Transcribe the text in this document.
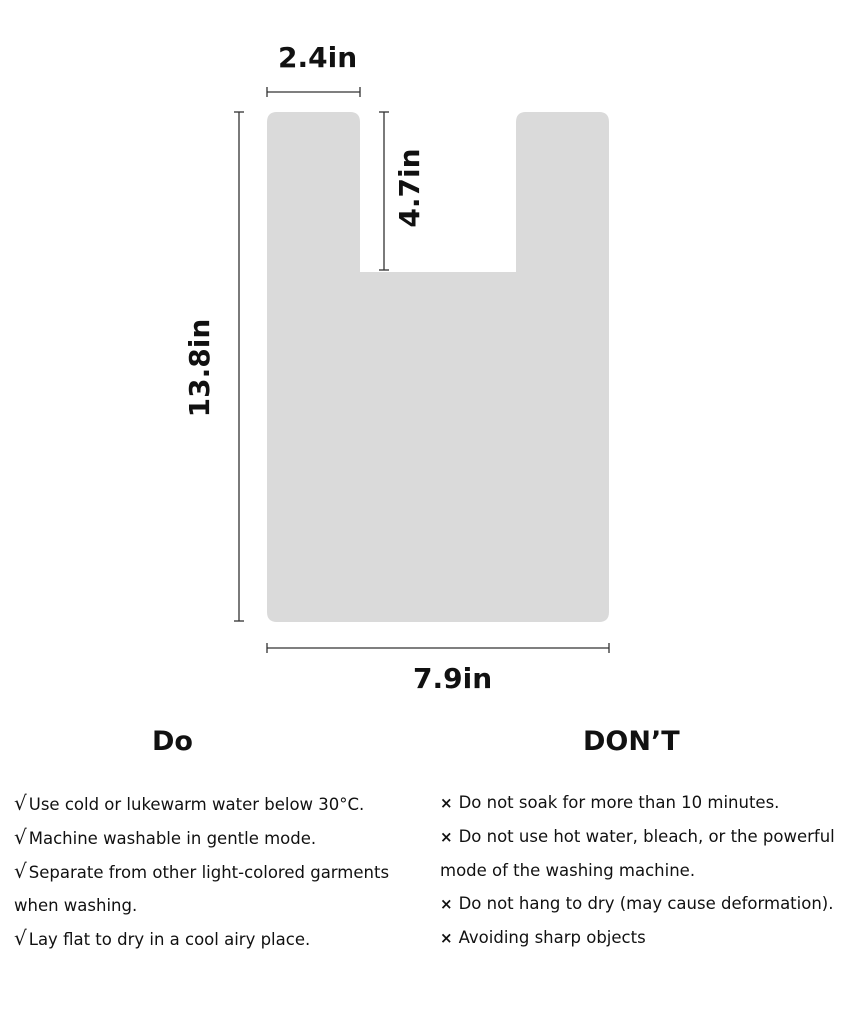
2.4in
4.7in
13.8in
7.9in
Do
√ Use cold or lukewarm water below 30°C.
√ Machine washable in gentle mode.
√ Separate from other light-colored garments when washing.
√ Lay flat to dry in a cool airy place.
DON’T
× Do not soak for more than 10 minutes.
× Do not use hot water, bleach, or the powerful mode of the washing machine.
× Do not hang to dry (may cause deformation).
× Avoiding sharp objects
